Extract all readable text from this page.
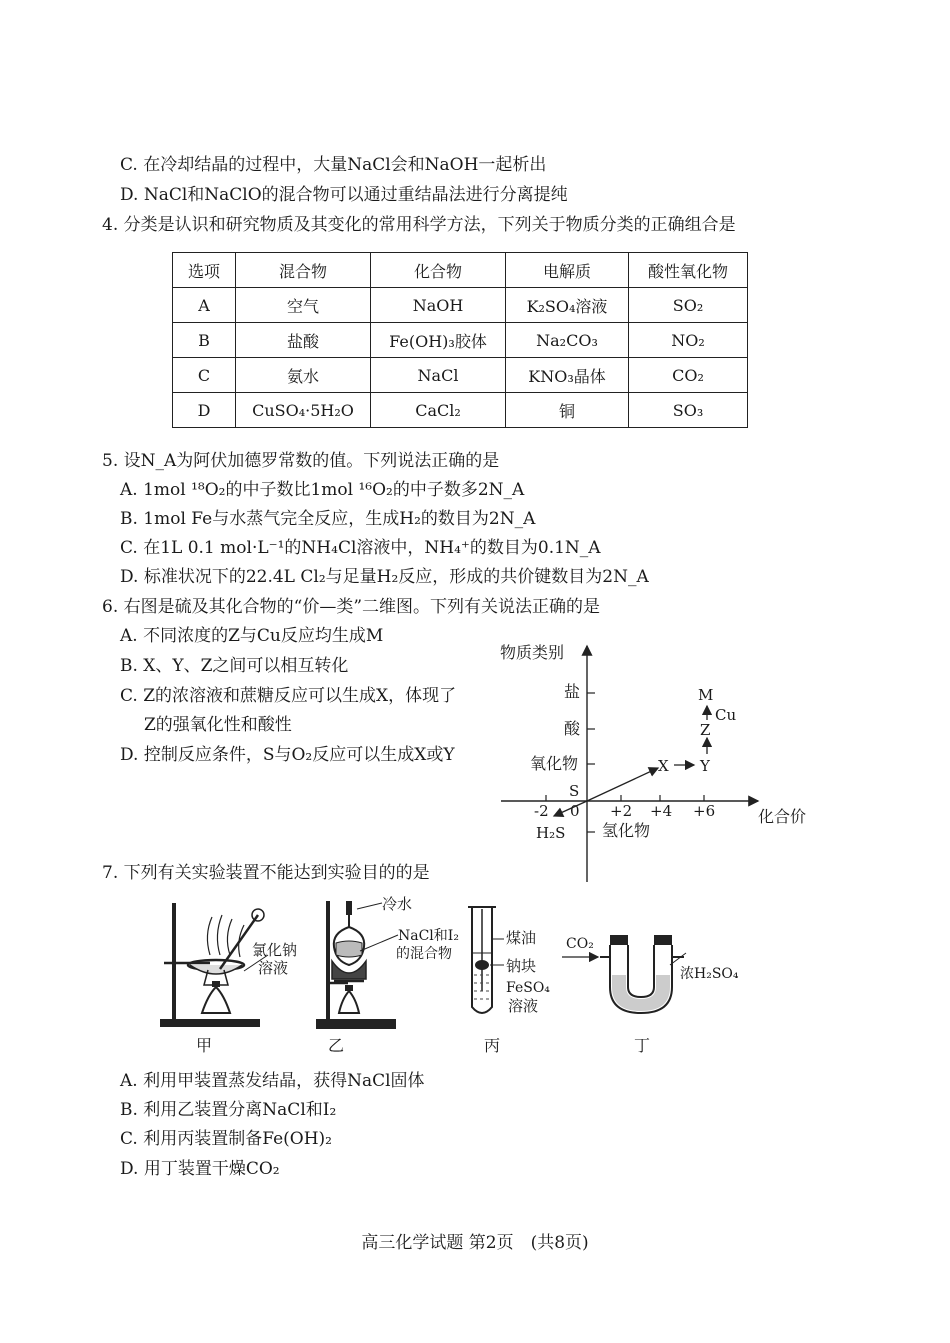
C. 在冷却结晶的过程中，大量NaCl会和NaOH一起析出
D. NaCl和NaClO的混合物可以通过重结晶法进行分离提纯
4. 分类是认识和研究物质及其变化的常用科学方法，下列关于物质分类的正确组合是
选项	混合物	化合物	电解质	酸性氧化物
A	空气	NaOH	K₂SO₄溶液	SO₂
B	盐酸	Fe(OH)₃胶体	Na₂CO₃	NO₂
C	氨水	NaCl	KNO₃晶体	CO₂
D	CuSO₄·5H₂O	CaCl₂	铜	SO₃
5. 设N_A为阿伏加德罗常数的值。下列说法正确的是
A. 1mol ¹⁸O₂的中子数比1mol ¹⁶O₂的中子数多2N_A
B. 1mol Fe与水蒸气完全反应，生成H₂的数目为2N_A
C. 在1L 0.1 mol·L⁻¹的NH₄Cl溶液中，NH₄⁺的数目为0.1N_A
D. 标准状况下的22.4L Cl₂与足量H₂反应，形成的共价键数目为2N_A
6. 右图是硫及其化合物的“价—类”二维图。下列有关说法正确的是
A. 不同浓度的Z与Cu反应均生成M
B. X、Y、Z之间可以相互转化
C. Z的浓溶液和蔗糖反应可以生成X，体现了
Z的强氧化性和酸性
D. 控制反应条件，S与O₂反应可以生成X或Y
物质类别
化合价
盐
酸
氧化物
S
氢化物
-2 0 +2 +4 +6
H₂S
X Y
Z
M
Cu
7. 下列有关实验装置不能达到实验目的的是
氯化钠
溶液
甲
冷水
NaCl和I₂
的混合物
乙
煤油
钠块
FeSO₄
溶液
丙
CO₂
浓H₂SO₄
丁
A. 利用甲装置蒸发结晶，获得NaCl固体
B. 利用乙装置分离NaCl和I₂
C. 利用丙装置制备Fe(OH)₂
D. 用丁装置干燥CO₂
高三化学试题 第2页　(共8页)
